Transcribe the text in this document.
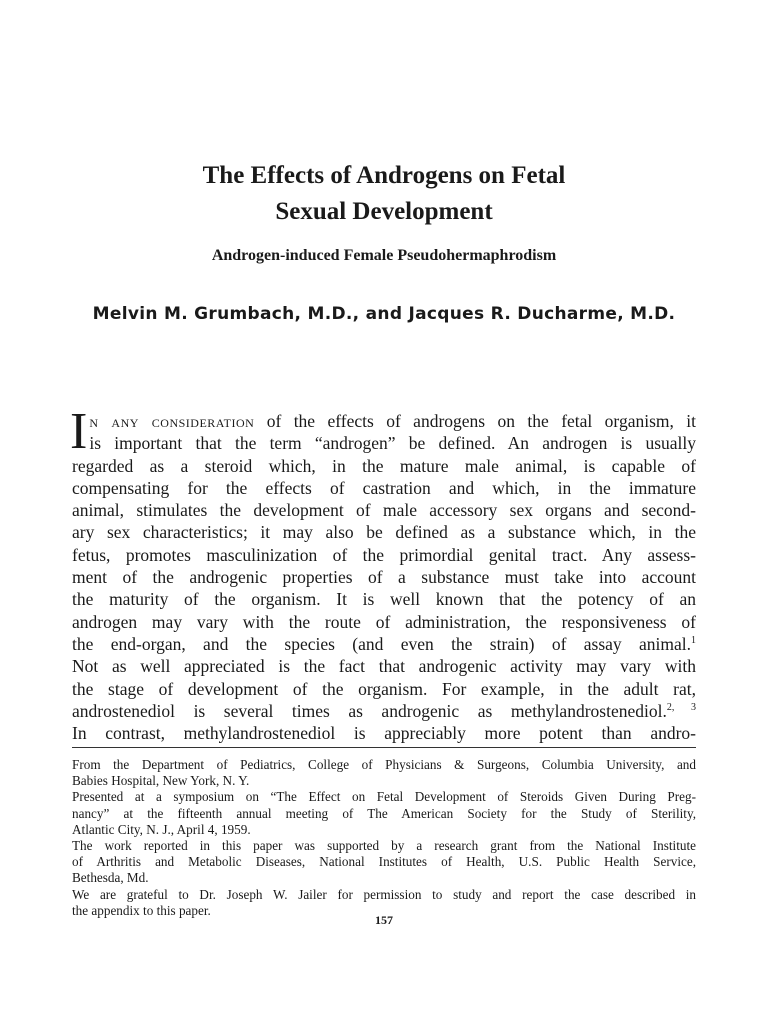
The Effects of Androgens on Fetal
Sexual Development

Androgen-induced Female Pseudohermaphrodism

Melvin M. Grumbach, M.D., and Jacques R. Ducharme, M.D.

I n any consideration of the effects of androgens on the fetal organism, it
is important that the term “androgen” be defined. An androgen is usually
regarded as a steroid which, in the mature male animal, is capable of
compensating for the effects of castration and which, in the immature
animal, stimulates the development of male accessory sex organs and second-
ary sex characteristics; it may also be defined as a substance which, in the
fetus, promotes masculinization of the primordial genital tract. Any assess-
ment of the androgenic properties of a substance must take into account
the maturity of the organism. It is well known that the potency of an
androgen may vary with the route of administration, the responsiveness of
the end-organ, and the species (and even the strain) of assay animal.$^1$
Not as well appreciated is the fact that androgenic activity may vary with
the stage of development of the organism. For example, in the adult rat,
androstenediol is several times as androgenic as methylandrostenediol.$^{2, 3}$
In contrast, methylandrostenediol is appreciably more potent than andro-

From the Department of Pediatrics, College of Physicians & Surgeons, Columbia University, and
Babies Hospital, New York, N. Y.

Presented at a symposium on “The Effect on Fetal Development of Steroids Given During Preg-
nancy” at the fifteenth annual meeting of The American Society for the Study of Sterility,
Atlantic City, N. J., April 4, 1959.

The work reported in this paper was supported by a research grant from the National Institute
of Arthritis and Metabolic Diseases, National Institutes of Health, U.S. Public Health Service,
Bethesda, Md.

We are grateful to Dr. Joseph W. Jailer for permission to study and report the case described in
the appendix to this paper.

157
